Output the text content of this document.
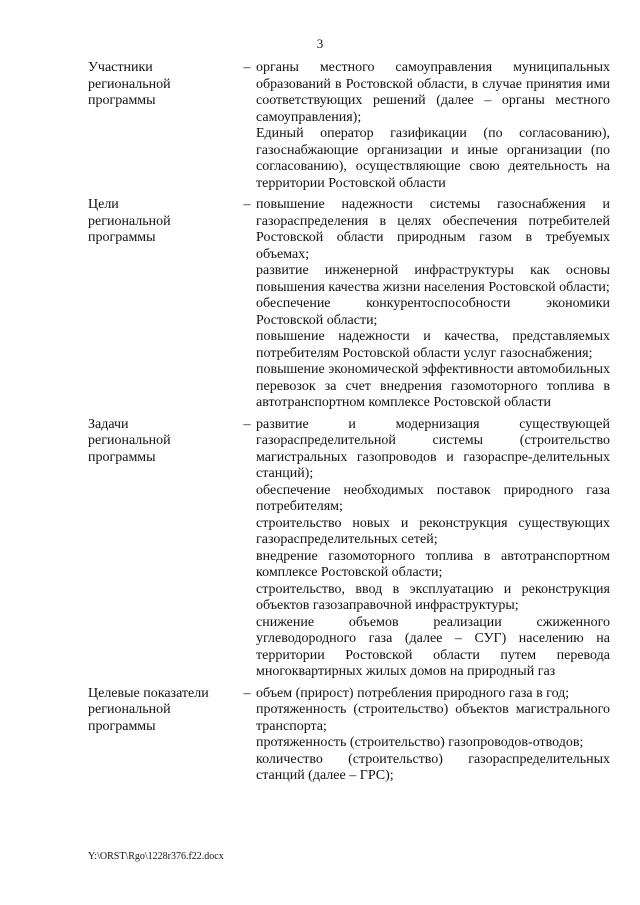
3
Участники
региональной
программы
– органы местного самоуправления муниципальных образований в Ростовской области, в случае принятия ими соответствующих решений (далее – органы местного самоуправления);

Единый оператор газификации (по согласованию), газоснабжающие организации и иные организации (по согласованию), осуществляющие свою деятельность на территории Ростовской области

Цели
региональной
программы
– повышение надежности системы газоснабжения и газораспределения в целях обеспечения потребителей Ростовской области природным газом в требуемых объемах;

развитие инженерной инфраструктуры как основы повышения качества жизни населения Ростовской области;

обеспечение конкурентоспособности экономики Ростовской области;

повышение надежности и качества, представляемых потребителям Ростовской области услуг газоснабжения;

повышение экономической эффективности автомобильных перевозок за счет внедрения газомоторного топлива в автотранспортном комплексе Ростовской области

Задачи
региональной
программы
– развитие и модернизация существующей газораспределительной системы (строительство магистральных газопроводов и газораспре-делительных станций);

обеспечение необходимых поставок природного газа потребителям;

строительство новых и реконструкция существующих газораспределительных сетей;

внедрение газомоторного топлива в автотранспортном комплексе Ростовской области;

строительство, ввод в эксплуатацию и реконструкция объектов газозаправочной инфраструктуры;

снижение объемов реализации сжиженного углеводородного газа (далее – СУГ) населению на территории Ростовской области путем перевода многоквартирных жилых домов на природный газ

Целевые показатели
региональной
программы
– объем (прирост) потребления природного газа в год;

протяженность (строительство) объектов магистрального транспорта;

протяженность (строительство) газопроводов-отводов;

количество (строительство) газораспределительных станций (далее – ГРС);

Y:\ORST\Rgo\1228r376.f22.docx
